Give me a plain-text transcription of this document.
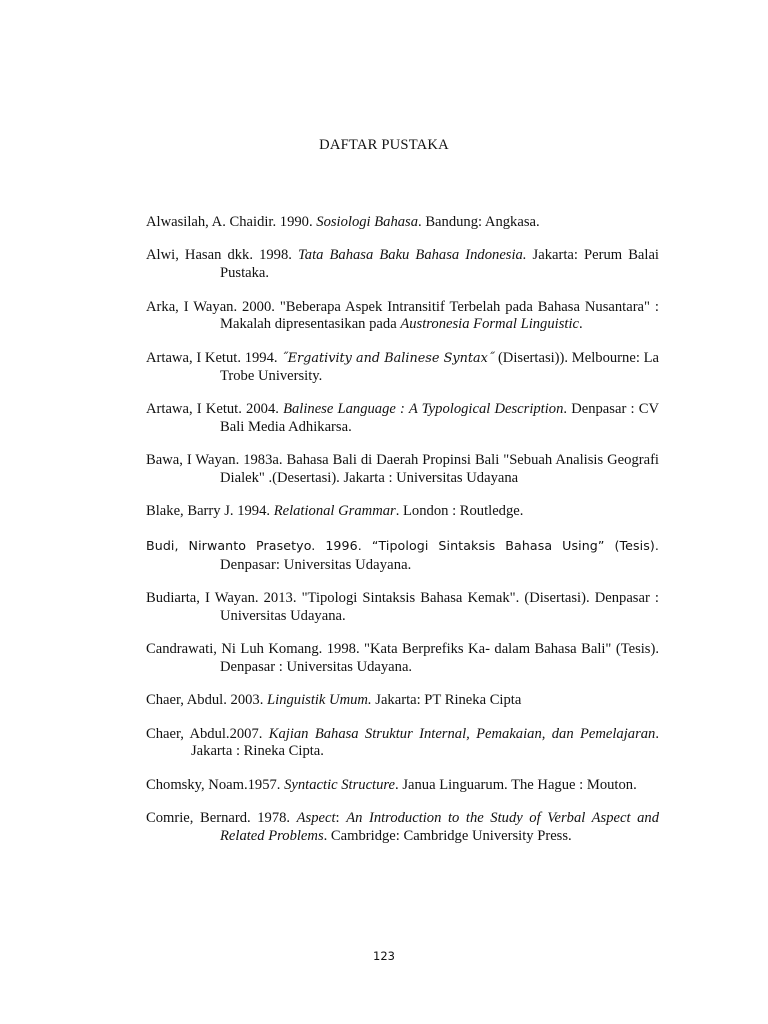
DAFTAR PUSTAKA

Alwasilah, A. Chaidir. 1990. Sosiologi Bahasa. Bandung: Angkasa.

Alwi, Hasan dkk. 1998. Tata Bahasa Baku Bahasa Indonesia. Jakarta: Perum Balai Pustaka.

Arka, I Wayan. 2000. "Beberapa Aspek Intransitif Terbelah pada Bahasa Nusantara" : Makalah dipresentasikan pada Austronesia Formal Linguistic.

Artawa, I Ketut. 1994. ˝Ergativity and Balinese Syntax˝ (Disertasi)). Melbourne: La Trobe University.

Artawa, I Ketut. 2004. Balinese Language : A Typological Description. Denpasar : CV Bali Media Adhikarsa.

Bawa, I Wayan. 1983a. Bahasa Bali di Daerah Propinsi Bali "Sebuah Analisis Geografi Dialek" .(Desertasi). Jakarta : Universitas Udayana

Blake, Barry J. 1994. Relational Grammar. London : Routledge.

Budi, Nirwanto Prasetyo. 1996. “Tipologi Sintaksis Bahasa Using” (Tesis). Denpasar: Universitas Udayana.

Budiarta, I Wayan. 2013. "Tipologi Sintaksis Bahasa Kemak". (Disertasi). Denpasar : Universitas Udayana.

Candrawati, Ni Luh Komang. 1998. "Kata Berprefiks Ka- dalam Bahasa Bali" (Tesis). Denpasar : Universitas Udayana.

Chaer, Abdul. 2003. Linguistik Umum. Jakarta: PT Rineka Cipta

Chaer, Abdul.2007. Kajian Bahasa Struktur Internal, Pemakaian, dan Pemelajaran. Jakarta : Rineka Cipta.

Chomsky, Noam.1957. Syntactic Structure. Janua Linguarum. The Hague : Mouton.

Comrie, Bernard. 1978. Aspect: An Introduction to the Study of Verbal Aspect and Related Problems. Cambridge: Cambridge University Press.

123
